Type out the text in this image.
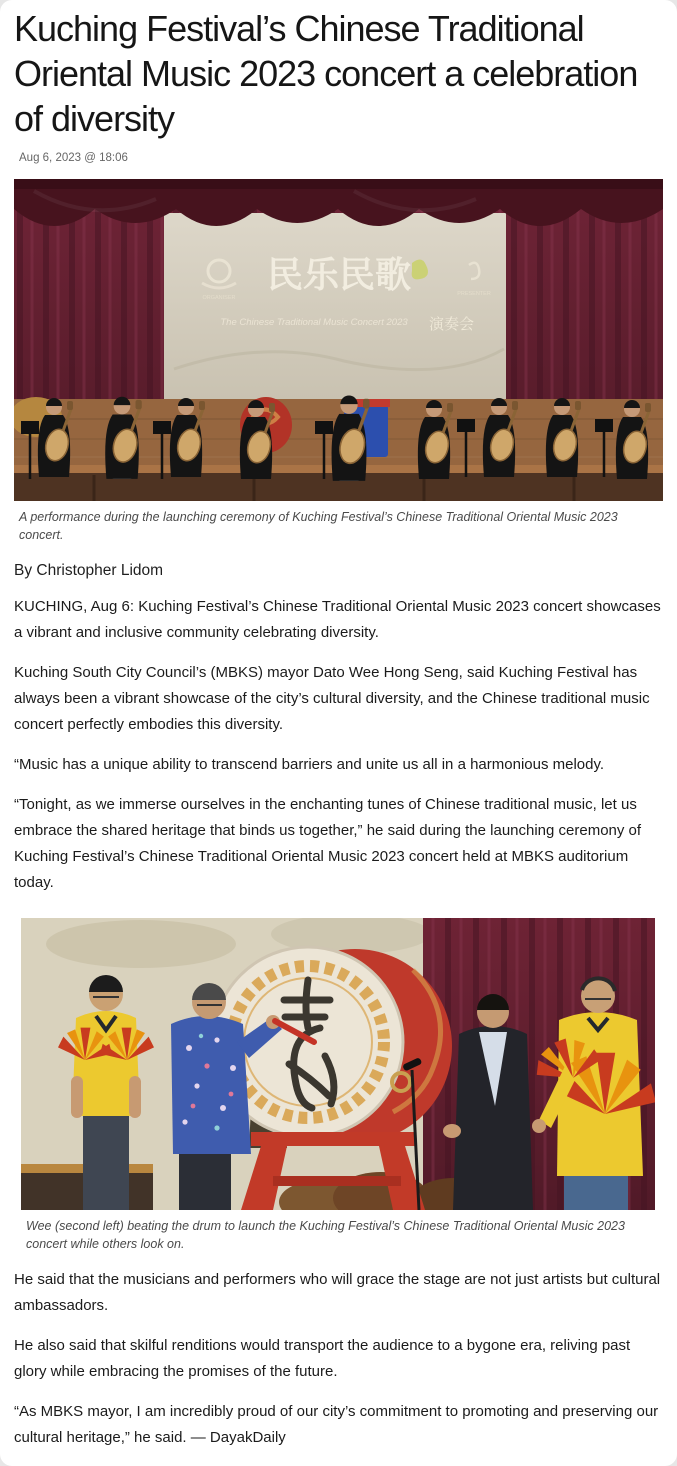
Kuching Festival’s Chinese Traditional Oriental Music 2023 concert a celebration of diversity
Aug 6, 2023 @ 18:06
ORGANISER
民乐民歌
The Chinese Traditional Music Concert 2023 演奏会
PRESENTER
A performance during the launching ceremony of Kuching Festival’s Chinese Traditional Oriental Music 2023 concert.
By Christopher Lidom

KUCHING, Aug 6: Kuching Festival’s Chinese Traditional Oriental Music 2023 concert showcases a vibrant and inclusive community celebrating diversity.

Kuching South City Council’s (MBKS) mayor Dato Wee Hong Seng, said Kuching Festival has always been a vibrant showcase of the city’s cultural diversity, and the Chinese traditional music concert perfectly embodies this diversity.

“Music has a unique ability to transcend barriers and unite us all in a harmonious melody.

“Tonight, as we immerse ourselves in the enchanting tunes of Chinese traditional music, let us embrace the shared heritage that binds us together,” he said during the launching ceremony of Kuching Festival’s Chinese Traditional Oriental Music 2023 concert held at MBKS auditorium today.

Wee (second left) beating the drum to launch the Kuching Festival’s Chinese Traditional Oriental Music 2023 concert while others look on.

He said that the musicians and performers who will grace the stage are not just artists but cultural ambassadors.

He also said that skilful renditions would transport the audience to a bygone era, reliving past glory while embracing the promises of the future.

“As MBKS mayor, I am incredibly proud of our city’s commitment to promoting and preserving our cultural heritage,” he said. — DayakDaily
